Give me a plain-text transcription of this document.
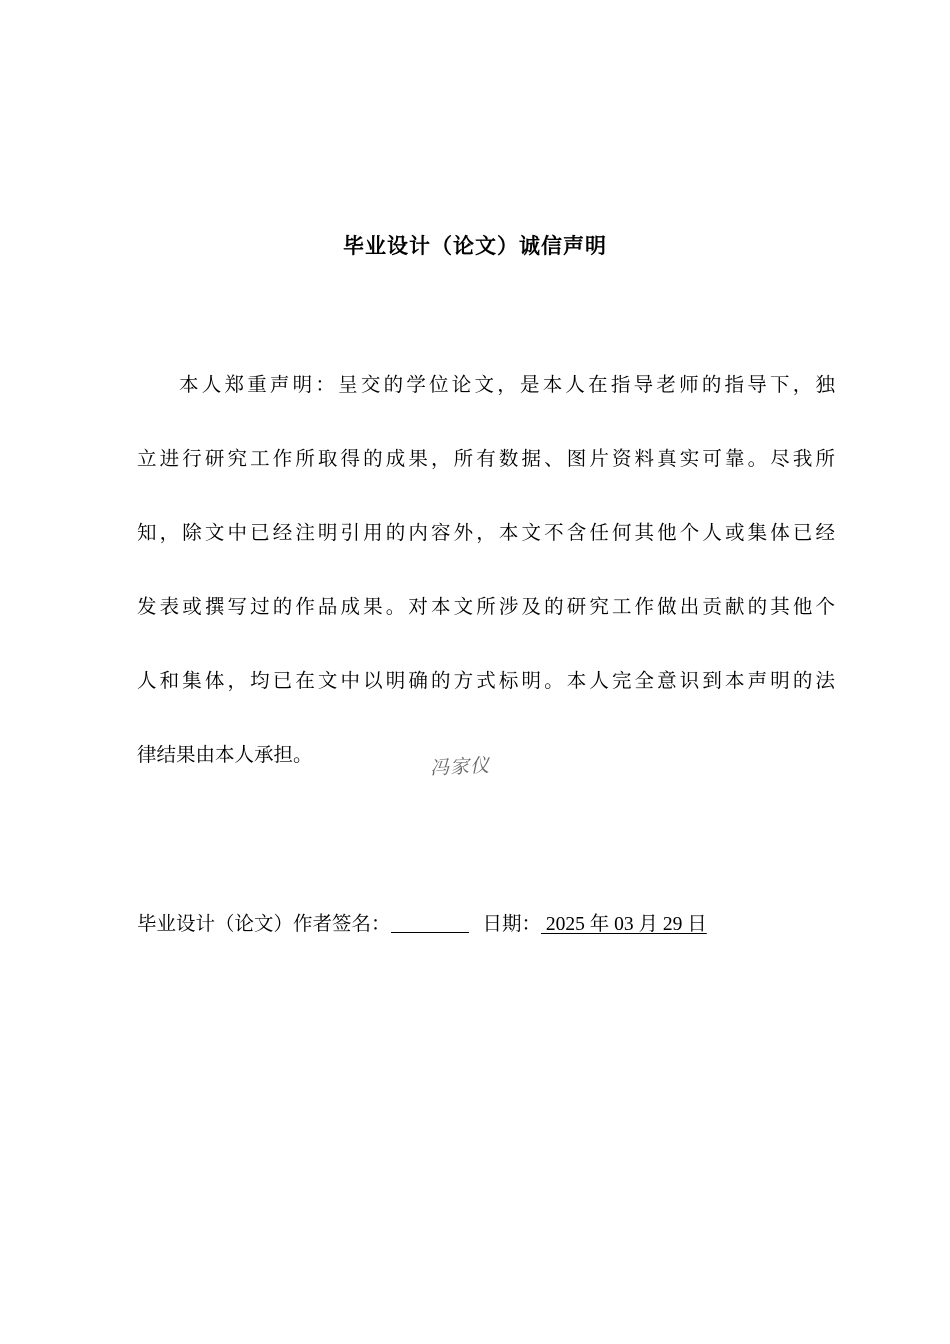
毕业设计（论文）诚信声明
本人郑重声明：呈交的学位论文，是本人在指导老师的指导下，独
立进行研究工作所取得的成果，所有数据、图片资料真实可靠。尽我所
知，除文中已经注明引用的内容外，本文不含任何其他个人或集体已经
发表或撰写过的作品成果。对本文所涉及的研究工作做出贡献的其他个
人和集体，均已在文中以明确的方式标明。本人完全意识到本声明的法
律结果由本人承担。	冯家仪
毕业设计（论文）作者签名：	日期： 2025 年 03 月 29 日
